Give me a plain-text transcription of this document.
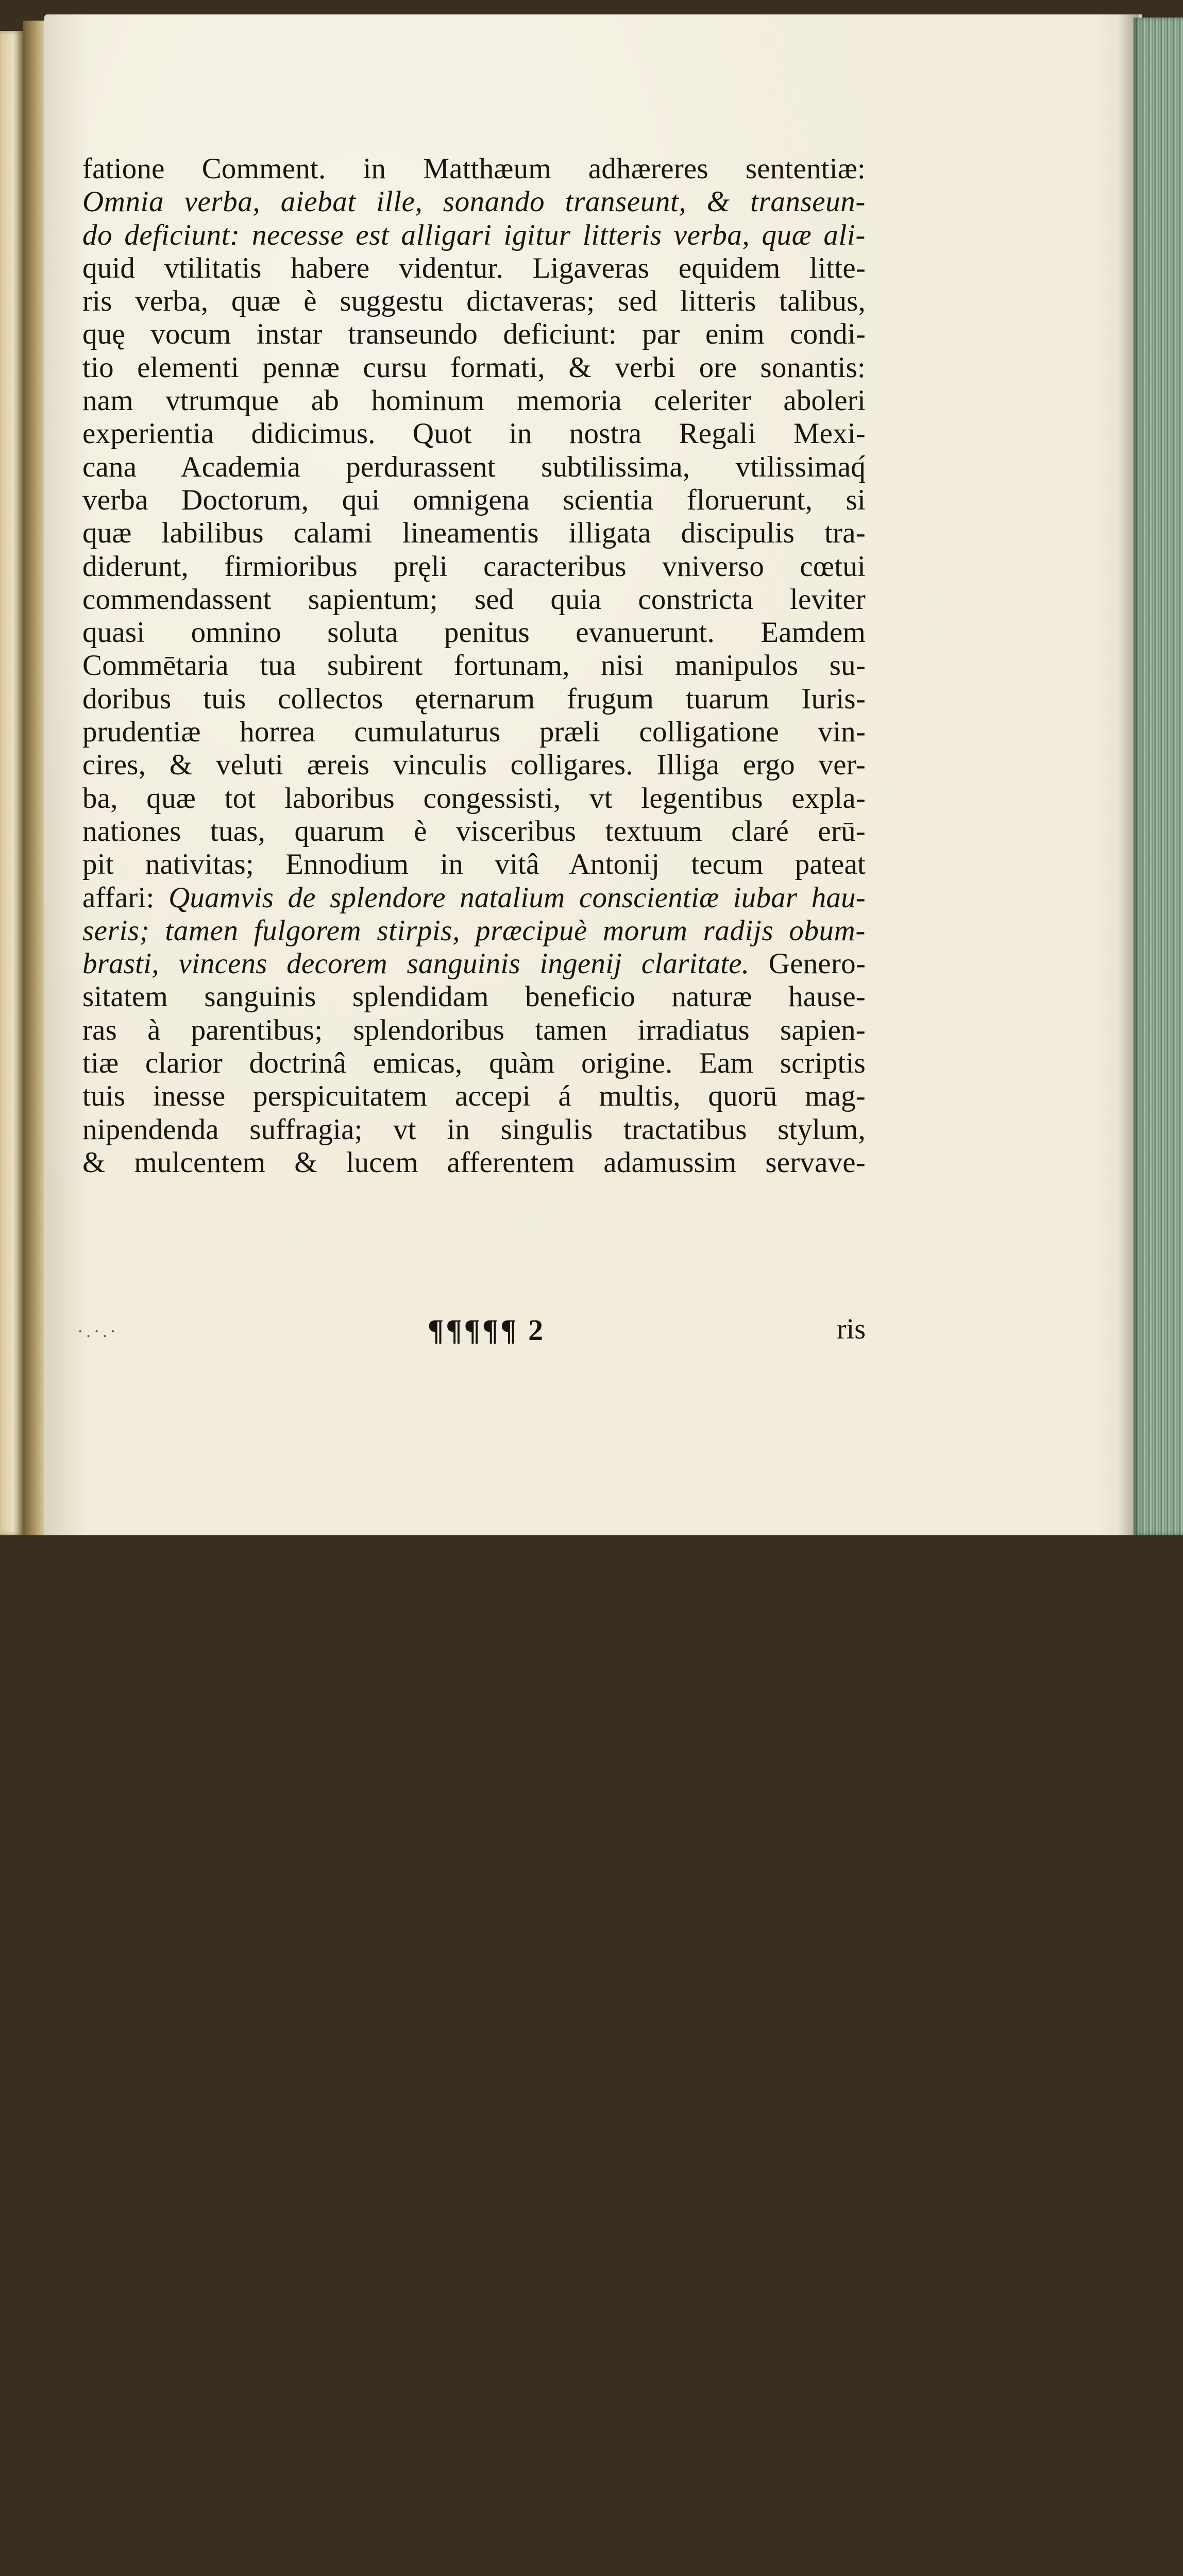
fatione Comment. in Matthæum adhæreres sententiæ:
Omnia verba, aiebat ille, sonando transeunt, & transeun-
do deficiunt: necesse est alligari igitur litteris verba, quæ ali-
quid vtilitatis habere videntur. Ligaveras equidem litte-
ris verba, quæ è suggestu dictaveras; sed litteris talibus,
quę vocum instar transeundo deficiunt: par enim condi-
tio elementi pennæ cursu formati, & verbi ore sonantis:
nam vtrumque ab hominum memoria celeriter aboleri
experientia didicimus. Quot in nostra Regali Mexi-
cana Academia perdurassent subtilissima, vtilissimaq́
verba Doctorum, qui omnigena scientia floruerunt, si
quæ labilibus calami lineamentis illigata discipulis tra-
diderunt, firmioribus pręli caracteribus vniverso cœtui
commendassent sapientum; sed quia constricta leviter
quasi omnino soluta penitus evanuerunt. Eamdem
Commētaria tua subirent fortunam, nisi manipulos su-
doribus tuis collectos ęternarum frugum tuarum Iuris-
prudentiæ horrea cumulaturus præli colligatione vin-
cires, & veluti æreis vinculis colligares. Illiga ergo ver-
ba, quæ tot laboribus congessisti, vt legentibus expla-
nationes tuas, quarum è visceribus textuum claré erū-
pit nativitas; Ennodium in vitâ Antonij tecum pateat
affari: Quamvis de splendore natalium conscientiæ iubar hau-
seris; tamen fulgorem stirpis, præcipuè morum radijs obum-
brasti, vincens decorem sanguinis ingenij claritate. Genero-
sitatem sanguinis splendidam beneficio naturæ hause-
ras à parentibus; splendoribus tamen irradiatus sapien-
tiæ clarior doctrinâ emicas, quàm origine. Eam scriptis
tuis inesse perspicuitatem accepi á multis, quorū mag-
nipendenda suffragia; vt in singulis tractatibus stylum,
& mulcentem & lucem afferentem adamussim servave-
·.·.·	¶¶¶¶¶ 2	ris
